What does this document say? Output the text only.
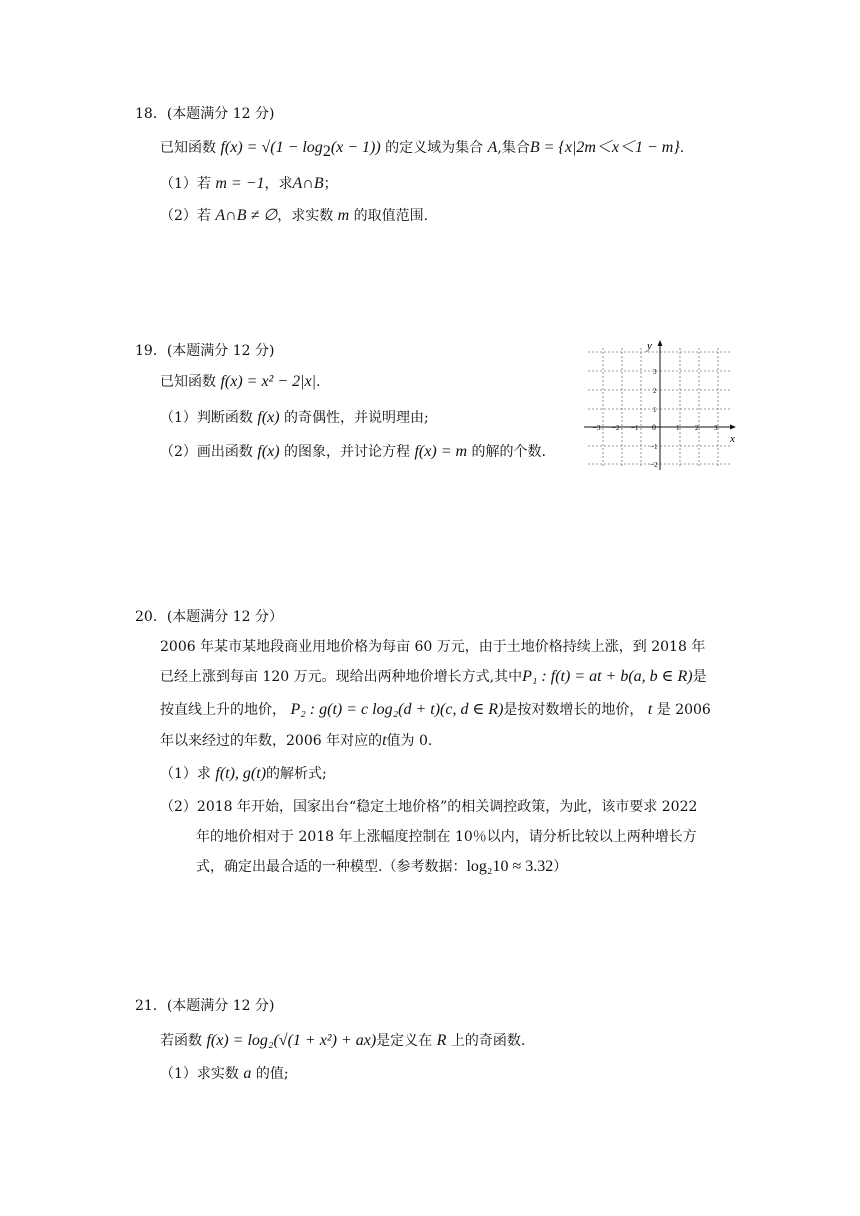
18．(本题满分 12 分)
已知函数 $f(x) = √(1 - \log_2(x - 1))$ 的定义域为集合 A,集合B = {x|2m＜x＜1 − m}.
（1）若 m = −1，求A∩B；
（2）若 A∩B ≠ ∅，求实数 m 的取值范围.
19．(本题满分 12 分)
已知函数 f(x) = x² − 2|x|.
（1）判断函数 f(x) 的奇偶性，并说明理由;
（2）画出函数 f(x) 的图象，并讨论方程 f(x) = m 的解的个数.
x
y
0
−3 −2 −1	1 2 3
3
2
1
−1
−2
20．(本题满分 12 分）
2006 年某市某地段商业用地价格为每亩 60 万元，由于土地价格持续上涨，到 2018 年
已经上涨到每亩 120 万元。现给出两种地价增长方式,其中P₁ : f(t) = at + b(a, b ∈ R)是
按直线上升的地价， P₂ : g(t) = c log₂(d + t)(c, d ∈ R)是按对数增长的地价， t 是 2006
年以来经过的年数，2006 年对应的t值为 0.
（1）求 f(t), g(t)的解析式;
（2）2018 年开始，国家出台“稳定土地价格”的相关调控政策，为此，该市要求 2022
年的地价相对于 2018 年上涨幅度控制在 10％以内，请分析比较以上两种增长方
式，确定出最合适的一种模型.（参考数据：log₂10 ≈ 3.32）
21．(本题满分 12 分)
若函数 f(x) = log₂(√(1 + x²) + ax)是定义在 R 上的奇函数.
（1）求实数 a 的值;
